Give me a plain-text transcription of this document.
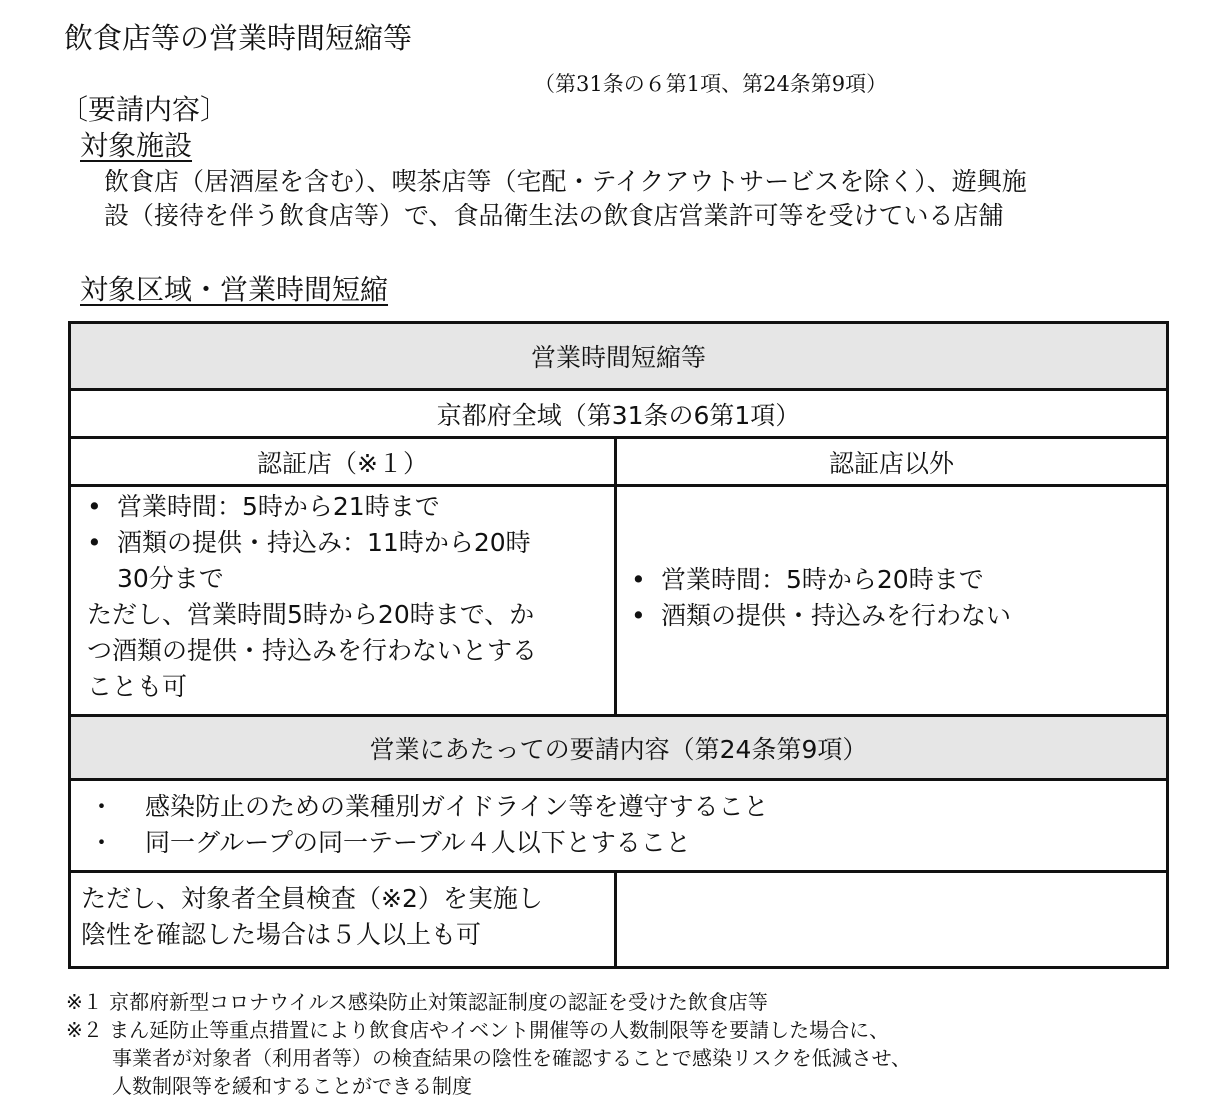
飲食店等の営業時間短縮等
（第31条の６第1項、第24条第9項）
〔要請内容〕
対象施設
飲食店（居酒屋を含む）、喫茶店等（宅配・テイクアウトサービスを除く）、遊興施
設（接待を伴う飲食店等）で、食品衛生法の飲食店営業許可等を受けている店舗
対象区域・営業時間短縮
営業時間短縮等
京都府全域（第31条の6第1項）
認証店（※１）	認証店以外
• 営業時間：5時から21時まで
• 酒類の提供・持込み：11時から20時
30分まで
ただし、営業時間5時から20時まで、か
つ酒類の提供・持込みを行わないとする
ことも可
• 営業時間：5時から20時まで
• 酒類の提供・持込みを行わない
営業にあたっての要請内容（第24条第9項）
・ 感染防止のための業種別ガイドライン等を遵守すること
・ 同一グループの同一テーブル４人以下とすること
ただし、対象者全員検査（※2）を実施し
陰性を確認した場合は５人以上も可
※１ 京都府新型コロナウイルス感染防止対策認証制度の認証を受けた飲食店等
※２ まん延防止等重点措置により飲食店やイベント開催等の人数制限等を要請した場合に、
事業者が対象者（利用者等）の検査結果の陰性を確認することで感染リスクを低減させ、
人数制限等を緩和することができる制度
